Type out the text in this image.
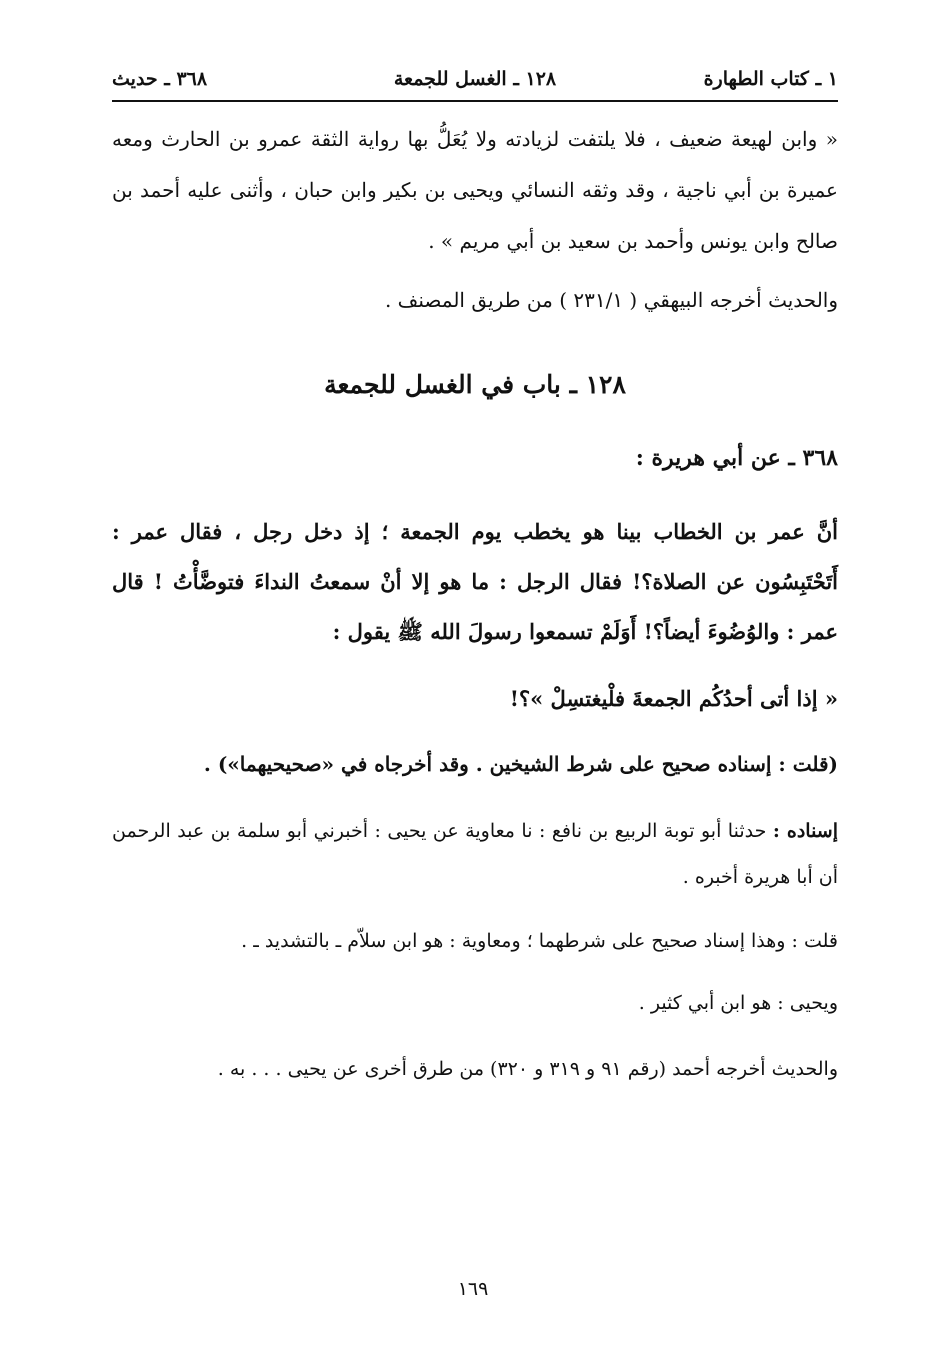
١ ـ كتاب الطهارة
١٢٨ ـ الغسل للجمعة
٣٦٨ ـ حديث

« وابن لهيعة ضعيف ، فلا يلتفت لزيادته ولا يُعَلُّ بها رواية الثقة عمرو بن الحارث ومعه عميرة بن أبي ناجية ، وقد وثقه النسائي ويحيى بن بكير وابن حبان ، وأثنى عليه أحمد بن صالح وابن يونس وأحمد بن سعيد بن أبي مريم » .

والحديث أخرجه البيهقي ( ٢٣١/١ ) من طريق المصنف .

١٢٨ ـ باب في الغسل للجمعة

٣٦٨ ـ عن أبي هريرة :

أنَّ عمر بن الخطاب بينا هو يخطب يوم الجمعة ؛ إذ دخل رجل ، فقال عمر : أَتَحْتَبِسُون عن الصلاة؟! فقال الرجل : ما هو إلا أنْ سمعتُ النداءَ فتوضَّأْتُ ! قال عمر : والوُضُوءَ أيضاً؟! أَوَلَمْ تسمعوا رسولَ الله ﷺ يقول :

« إذا أتى أحدُكُم الجمعةَ فلْيغتسِلْ »؟!

(قلت : إسناده صحيح على شرط الشيخين . وقد أخرجاه في «صحيحيهما») .

إسناده : حدثنا أبو توبة الربيع بن نافع : نا معاوية عن يحيى : أخبرني أبو سلمة بن عبد الرحمن أن أبا هريرة أخبره .

قلت : وهذا إسناد صحيح على شرطهما ؛ ومعاوية : هو ابن سلاّم ـ بالتشديد ـ .

ويحيى : هو ابن أبي كثير .

والحديث أخرجه أحمد (رقم ٩١ و ٣١٩ و ٣٢٠) من طرق أخرى عن يحيى . . . به .

١٦٩
